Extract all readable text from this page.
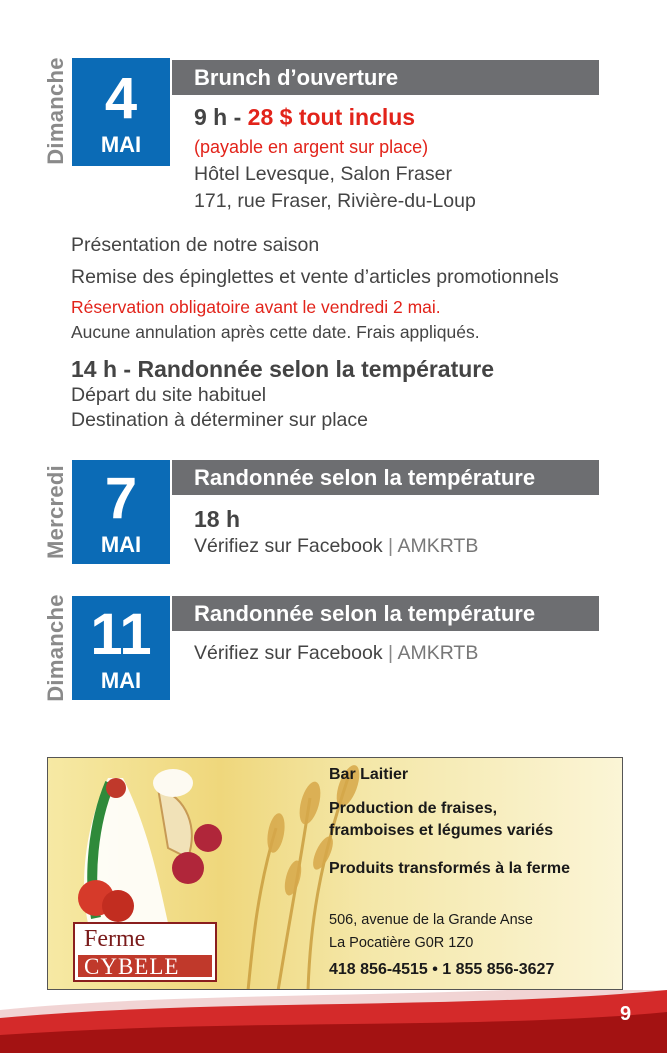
Dimanche 4
MAI
Brunch d’ouverture
9 h - 28 $ tout inclus
(payable en argent sur place)
Hôtel Levesque, Salon Fraser
171, rue Fraser, Rivière-du-Loup
Présentation de notre saison
Remise des épinglettes et vente d’articles promotionnels
Réservation obligatoire avant le vendredi 2 mai.
Aucune annulation après cette date. Frais appliqués.
14 h - Randonnée selon la température
Départ du site habituel
Destination à déterminer sur place
Mercredi 7
MAI
Randonnée selon la température
18 h
Vérifiez sur Facebook | AMKRTB
Dimanche 11
MAI
Randonnée selon la température
Vérifiez sur Facebook | AMKRTB
Ferme
CYBELE
Bar Laitier
Production de fraises,
framboises et légumes variés
Produits transformés à la ferme
506, avenue de la Grande Anse
La Pocatière G0R 1Z0
418 856-4515 • 1 855 856-3627
9
